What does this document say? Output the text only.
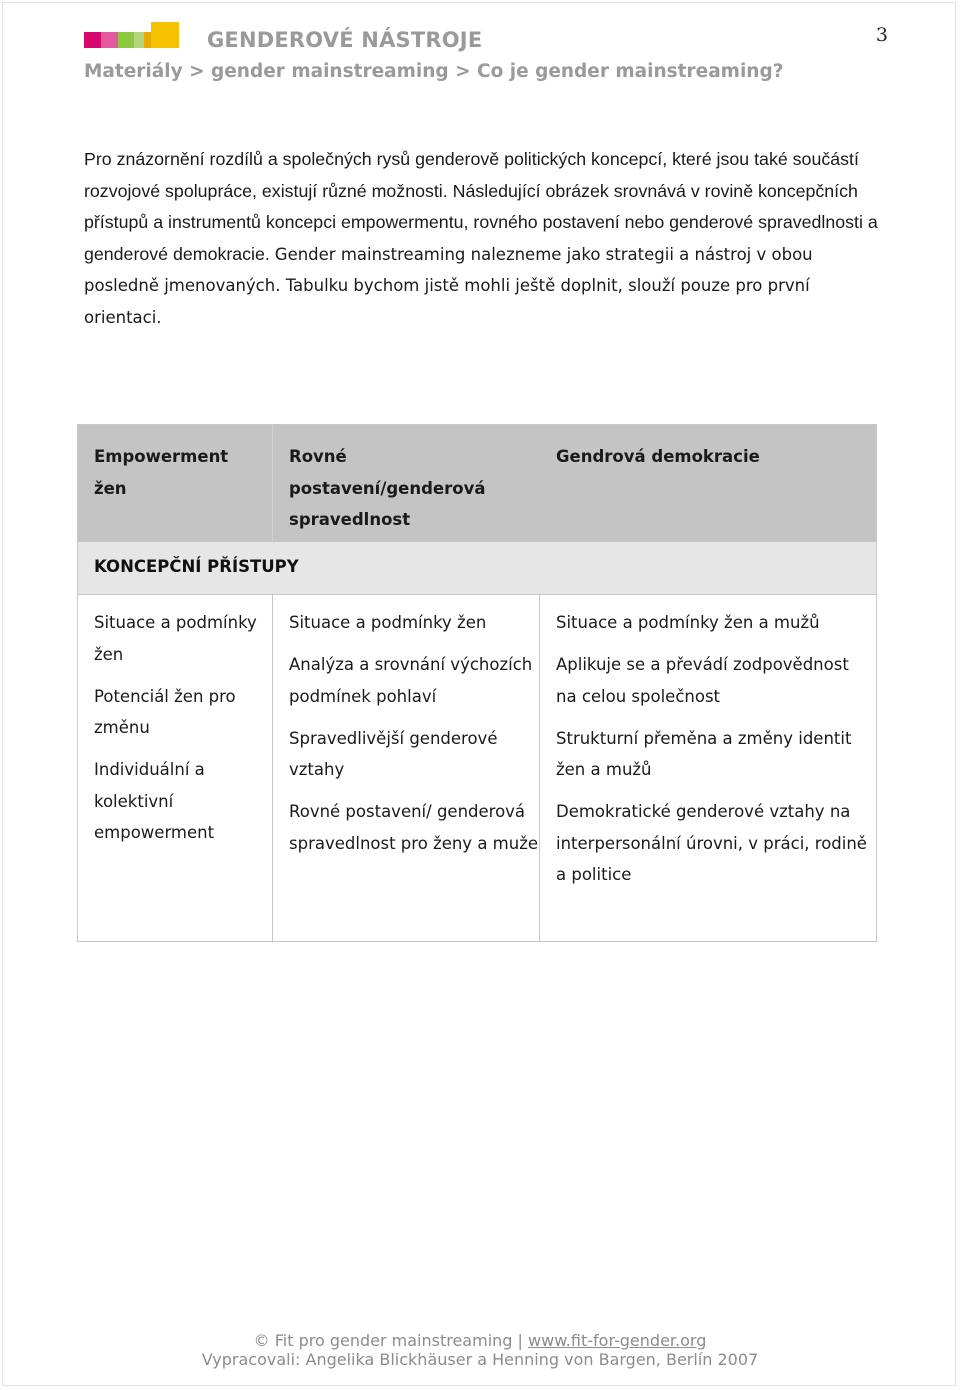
GENDEROVÉ NÁSTROJE	3
Materiály > gender mainstreaming > Co je gender mainstreaming?
Pro znázornění rozdílů a společných rysů genderově politických koncepcí, které jsou také součástí rozvojové spolupráce, existují různé možnosti. Následující obrázek srovnává v rovině koncepčních přístupů a instrumentů koncepci empowermentu, rovného postavení nebo genderové spravedlnosti a genderové demokracie. Gender mainstreaming nalezneme jako strategii a nástroj v obou posledně jmenovaných. Tabulku bychom jistě mohli ještě doplnit, slouží pouze pro první orientaci.
Empowerment žen
Rovné postavení/genderová spravedlnost
Gendrová demokracie
KONCEPČNÍ PŘÍSTUPY

Situace a podmínky žen

Potenciál žen pro změnu

Individuální a kolektivní empowerment

Situace a podmínky žen

Analýza a srovnání výchozích podmínek pohlaví

Spravedlivější genderové vztahy

Rovné postavení/ genderová spravedlnost pro ženy a muže

Situace a podmínky žen a mužů

Aplikuje se a převádí zodpovědnost na celou společnost

Strukturní přeměna a změny identit žen a mužů

Demokratické genderové vztahy na interpersonální úrovni, v práci, rodině a politice

© Fit pro gender mainstreaming | www.fit-for-gender.org
Vypracovali: Angelika Blickhäuser a Henning von Bargen, Berlín 2007
